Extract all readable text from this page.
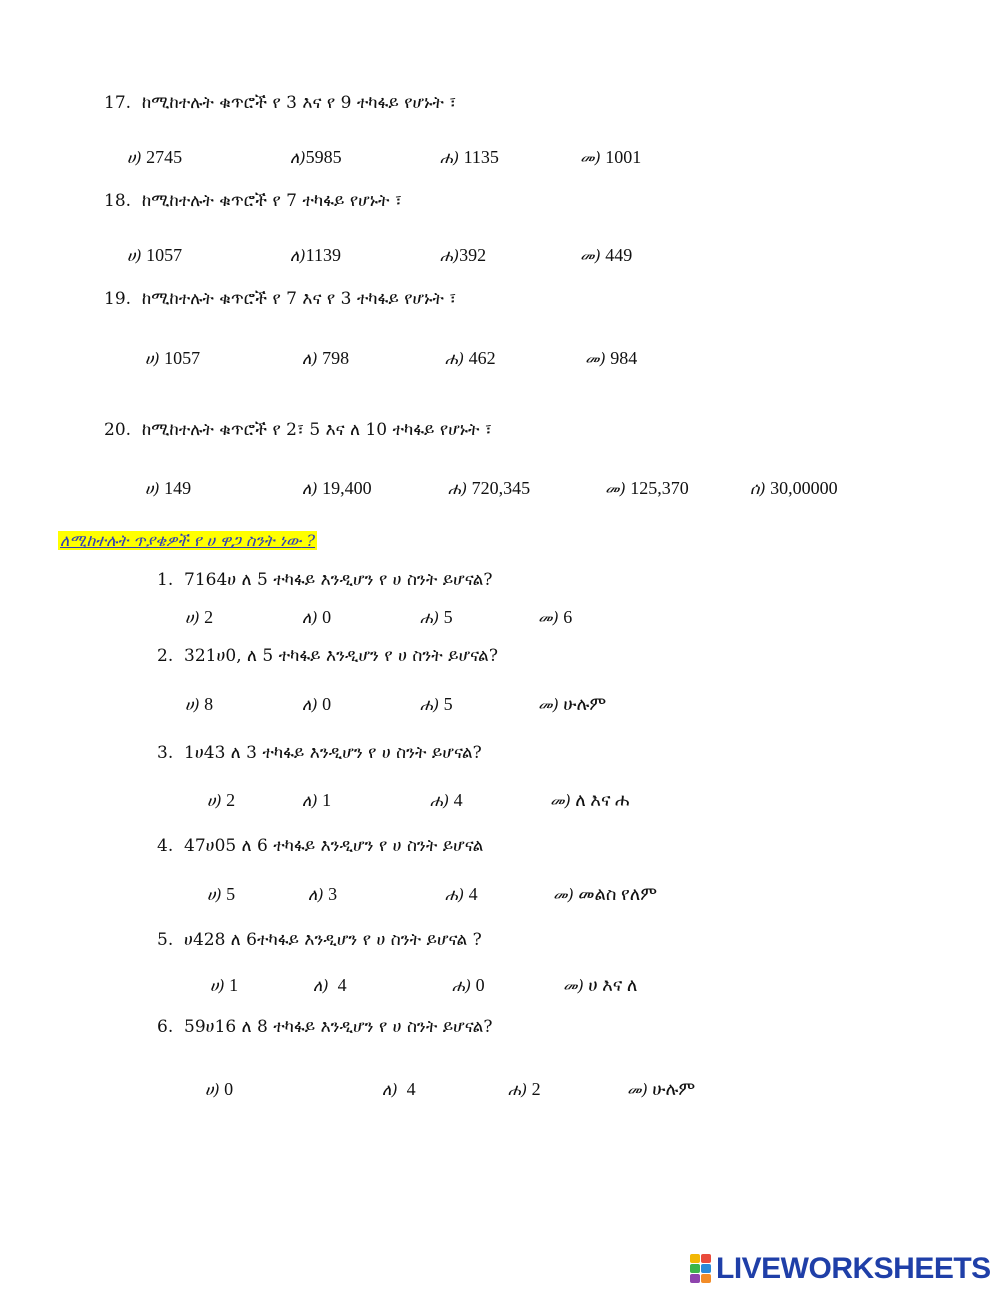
17. ከሚከተሉት ቁጥሮች የ 3 እና የ 9 ተካፋይ የሆኑት ፣
ሀ) 2745	ለ)5985	ሐ) 1135	መ) 1001
18. ከሚከተሉት ቁጥሮች የ 7 ተካፋይ የሆኑት ፣
ሀ) 1057	ለ)1139	ሐ)392	መ) 449
19. ከሚከተሉት ቁጥሮች የ 7 እና የ 3 ተካፋይ የሆኑት ፣
ሀ) 1057	ለ) 798	ሐ) 462	መ) 984
20. ከሚከተሉት ቁጥሮች የ 2፣ 5 እና ለ 10 ተካፋይ የሆኑት ፣
ሀ) 149	ለ) 19,400	ሐ) 720,345	መ) 125,370	ሰ) 30,00000
ለሚከተሉት ጥያቄዎች የ ሀ ዋጋ ስንት ነው ?
1. 7164ሀ ለ 5 ተካፋይ እንዲሆን የ ሀ ስንት ይሆናል?
ሀ) 2	ለ) 0	ሐ) 5	መ) 6
2. 321ሀ0, ለ 5 ተካፋይ እንዲሆን የ ሀ ስንት ይሆናል?
ሀ) 8	ለ) 0	ሐ) 5	መ) ሁሉም
3. 1ሀ43 ለ 3 ተካፋይ እንዲሆን የ ሀ ስንት ይሆናል?
ሀ) 2	ለ) 1	ሐ) 4	መ) ለ እና ሐ
4. 47ሀ05 ለ 6 ተካፋይ እንዲሆን የ ሀ ስንት ይሆናል
ሀ) 5	ለ) 3	ሐ) 4	መ) መልስ የለም
5. ሀ428 ለ 6ተካፋይ እንዲሆን የ ሀ ስንት ይሆናል ?
ሀ) 1	ለ) 4	ሐ) 0	መ) ሀ እና ለ
6. 59ሀ16 ለ 8 ተካፋይ እንዲሆን የ ሀ ስንት ይሆናል?
ሀ) 0	ለ) 4	ሐ) 2	መ) ሁሉም
LIVEWORKSHEETS
